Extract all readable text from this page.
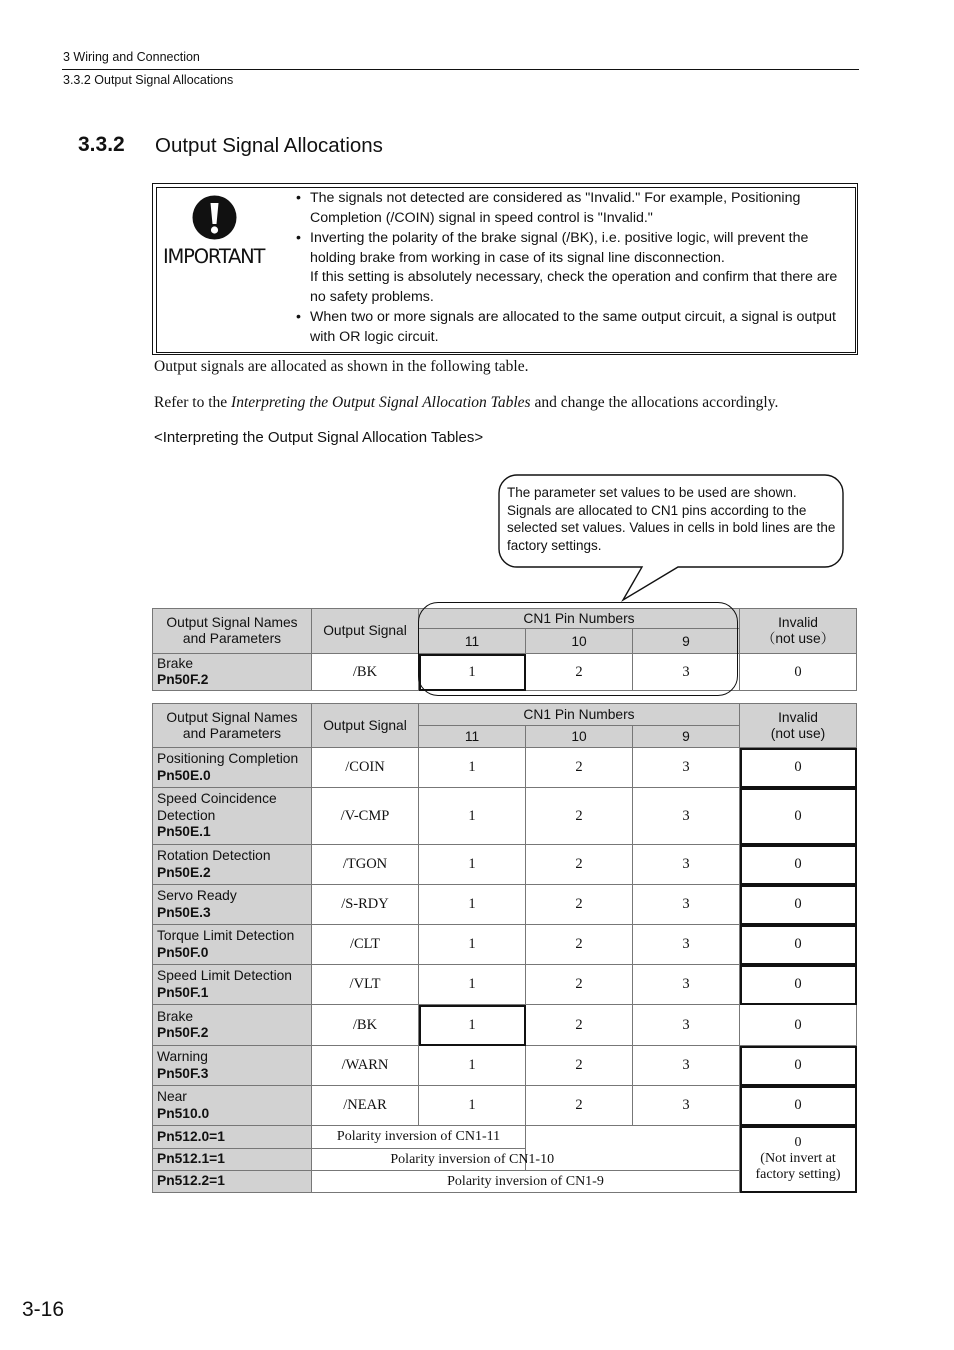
3 Wiring and Connection
3.3.2 Output Signal Allocations
3.3.2 Output Signal Allocations
IMPORTANT
• The signals not detected are considered as "Invalid." For example, Positioning Completion (/COIN) signal in speed control is "Invalid."
• Inverting the polarity of the brake signal (/BK), i.e. positive logic, will prevent the holding brake from working in case of its signal line disconnection.
If this setting is absolutely necessary, check the operation and confirm that there are no safety problems.
• When two or more signals are allocated to the same output circuit, a signal is output with OR logic circuit.
Output signals are allocated as shown in the following table.
Refer to the Interpreting the Output Signal Allocation Tables and change the allocations accordingly.
<Interpreting the Output Signal Allocation Tables>
The parameter set values to be used are shown. Signals are allocated to CN1 pins according to the selected set values. Values in cells in bold lines are the factory settings.
Output Signal Names and Parameters	Output Signal	CN1 Pin Numbers			Invalid
（not use）
		11	10	9	
Brake
Pn50F.2	/BK	1	2	3	0
Output Signal Names and Parameters	Output Signal	CN1 Pin Numbers			Invalid
(not use)
		11	10	9	
Positioning Completion
Pn50E.0	/COIN	1	2	3	0
Speed Coincidence Detection
Pn50E.1	/V-CMP	1	2	3	0
Rotation Detection
Pn50E.2	/TGON	1	2	3	0
Servo Ready
Pn50E.3	/S-RDY	1	2	3	0
Torque Limit Detection
Pn50F.0	/CLT	1	2	3	0
Speed Limit Detection
Pn50F.1	/VLT	1	2	3	0
Brake
Pn50F.2	/BK	1	2	3	0
Warning
Pn50F.3	/WARN	1	2	3	0
Near
Pn510.0	/NEAR	1	2	3	0
Pn512.0=1	Polarity inversion of CN1-11				0
(Not invert at
factory setting)
Pn512.1=1	Polarity inversion of CN1-10				
Pn512.2=1	Polarity inversion of CN1-9				
3-16
